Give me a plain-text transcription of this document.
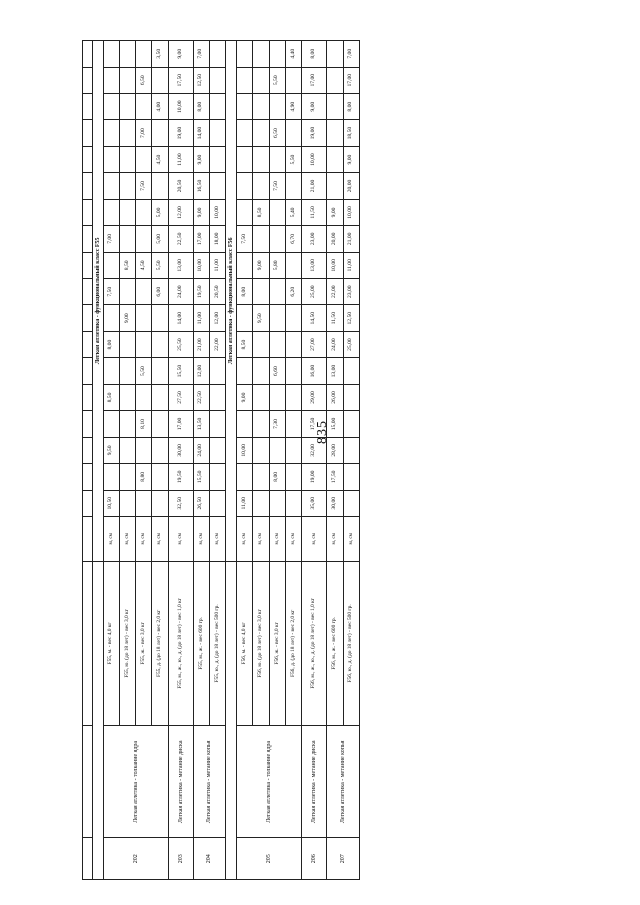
835

			Легкая атлетика - функциональный класс F55																		
202	Легкая атлетика - толкание ядра	F55, м. - вес 4,0 кг	м, см	10,50		9,50		8,50		8,00		7,50		7,00							
		F55, ю. (до 18 лет) - вес 3,0 кг	м, см								9,00		8,50								
		F55, ж. - вес 3,0 кг	м, см		8,80		8,10		5,50				4,50			7,50		7,00		6,50	
		F55, д. (до 18 лет) - вес 2,0 кг	м, см									6,00	5,50	5,00	5,00		4,50		4,00		3,50
203	Легкая атлетика - метание диска	F55, м., ж., ю., д. (до 18 лет) - вес 1,0 кг	м, см	32,50	19,50	30,00	17,00	27,50	15,50	25,50	14,00	24,00	13,00	22,50	12,00	20,50	11,00	19,00	10,00	17,50	9,00
204	Легкая атлетика - метание копья	F55, м., ж. - вес 600 гр.	м, см	26,50	15,50	24,00	13,50	22,50	12,00	21,00	11,00	19,50	10,00	17,00	9,00	16,50	9,00	14,00	8,00	12,50	7,00
		F55, ю., д. (до 18 лет) - вес 500 гр.	м, см							22,00	12,00	20,50	11,00	18,00	10,00						
			Легкая атлетика - функциональный класс F56																		
205	Легкая атлетика - толкание ядра	F56, м. - вес 4,0 кг	м, см	11,00		10,00		9,00		8,50		8,00		7,50							
		F56, ю. (до 18 лет) - вес 3,0 кг	м, см								9,50		9,00		8,50						
		F56, ж. - вес 3,0 кг	м, см		8,00		7,30		6,60				5,80			7,50		6,50		5,50	
		F56, д. (до 18 лет) - вес 2,0 кг	м, см									6,20		6,70	5,40		5,50		4,90		4,40
206	Легкая атлетика - метание диска	F56, м., ж., ю., д. (до 18 лет) - вес 1,0 кг	м, см	35,00	19,00	32,00	17,50	29,00	16,00	27,00	14,50	25,00	13,00	23,00	11,50	21,00	10,00	19,00	9,00	17,00	8,00
207	Легкая атлетика - метание копья	F56, м., ж. - вес 600 гр.	м, см	30,00	17,50	28,00	15,00	26,00	13,00	24,00	11,50	22,00	10,00	20,00	9,00						
		F56, ю., д. (до 18 лет) - вес 500 гр.	м, см							25,00	12,50	23,00	11,00	21,00	10,00	20,00	9,00	18,50	8,00	17,00	7,00
